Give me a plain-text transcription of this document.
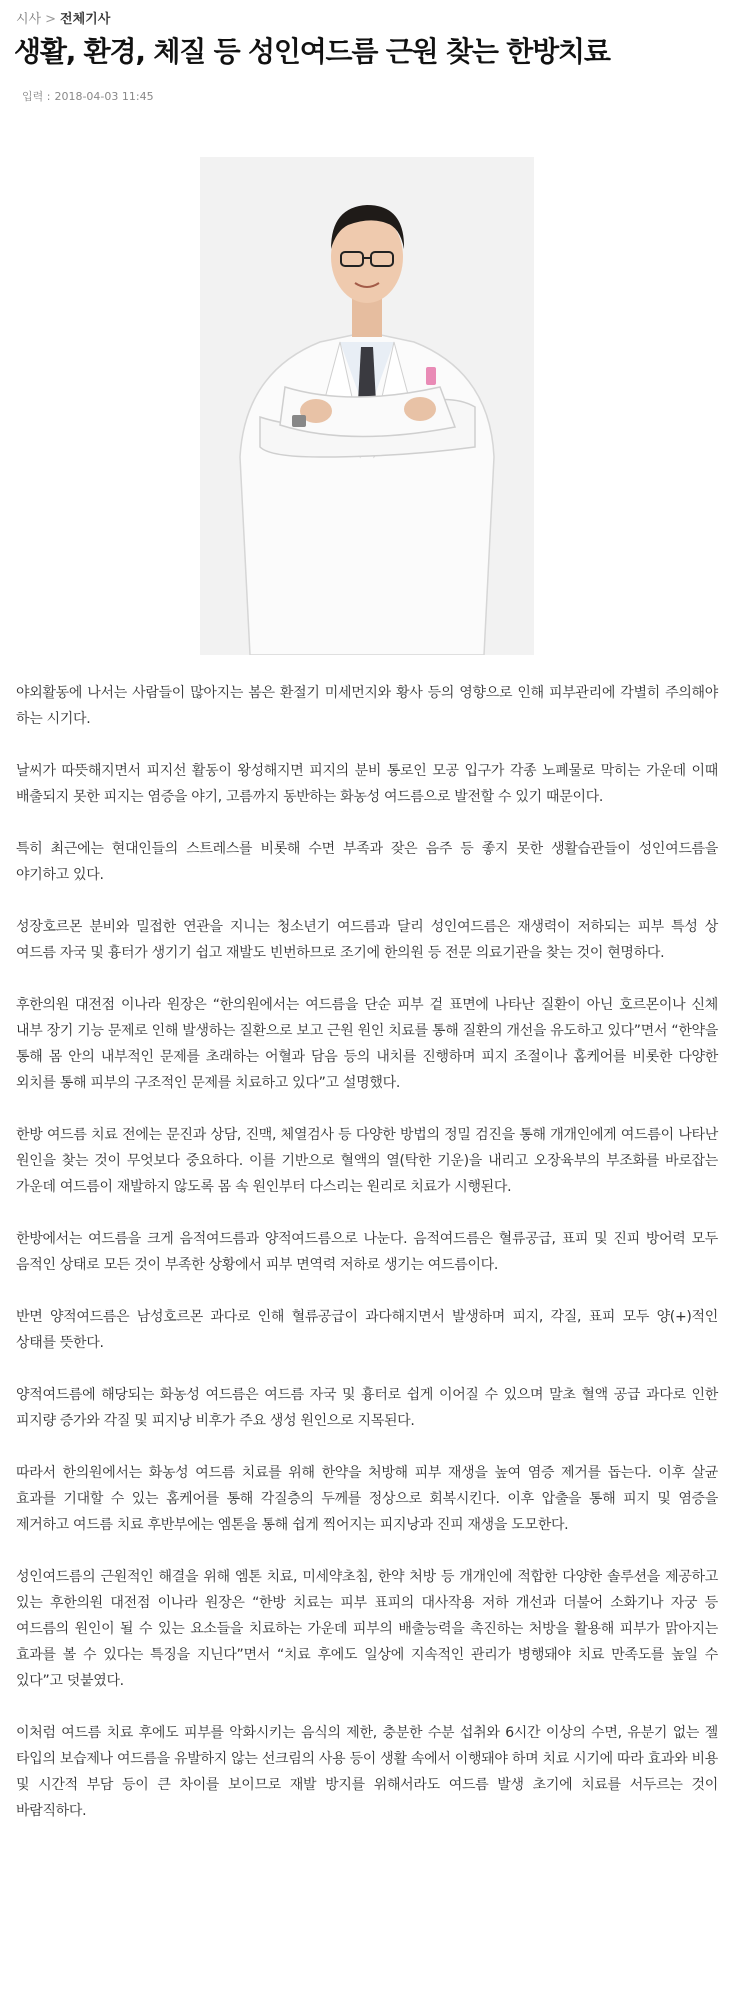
시사 > 전체기사
생활, 환경, 체질 등 성인여드름 근원 찾는 한방치료
입력 : 2018-04-03 11:45

야외활동에 나서는 사람들이 많아지는 봄은 환절기 미세먼지와 황사 등의 영향으로 인해 피부관리에 각별히 주의해야 하는 시기다.

날씨가 따뜻해지면서 피지선 활동이 왕성해지면 피지의 분비 통로인 모공 입구가 각종 노폐물로 막히는 가운데 이때 배출되지 못한 피지는 염증을 야기, 고름까지 동반하는 화농성 여드름으로 발전할 수 있기 때문이다.

특히 최근에는 현대인들의 스트레스를 비롯해 수면 부족과 잦은 음주 등 좋지 못한 생활습관들이 성인여드름을 야기하고 있다.

성장호르몬 분비와 밀접한 연관을 지니는 청소년기 여드름과 달리 성인여드름은 재생력이 저하되는 피부 특성 상 여드름 자국 및 흉터가 생기기 쉽고 재발도 빈번하므로 조기에 한의원 등 전문 의료기관을 찾는 것이 현명하다.

후한의원 대전점 이나라 원장은 “한의원에서는 여드름을 단순 피부 겉 표면에 나타난 질환이 아닌 호르몬이나 신체 내부 장기 기능 문제로 인해 발생하는 질환으로 보고 근원 원인 치료를 통해 질환의 개선을 유도하고 있다”면서 “한약을 통해 몸 안의 내부적인 문제를 초래하는 어혈과 담음 등의 내치를 진행하며 피지 조절이나 홈케어를 비롯한 다양한 외치를 통해 피부의 구조적인 문제를 치료하고 있다”고 설명했다.

한방 여드름 치료 전에는 문진과 상담, 진맥, 체열검사 등 다양한 방법의 정밀 검진을 통해 개개인에게 여드름이 나타난 원인을 찾는 것이 무엇보다 중요하다. 이를 기반으로 혈액의 열(탁한 기운)을 내리고 오장육부의 부조화를 바로잡는 가운데 여드름이 재발하지 않도록 몸 속 원인부터 다스리는 원리로 치료가 시행된다.

한방에서는 여드름을 크게 음적여드름과 양적여드름으로 나눈다. 음적여드름은 혈류공급, 표피 및 진피 방어력 모두 음적인 상태로 모든 것이 부족한 상황에서 피부 면역력 저하로 생기는 여드름이다.

반면 양적여드름은 남성호르몬 과다로 인해 혈류공급이 과다해지면서 발생하며 피지, 각질, 표피 모두 양(+)적인 상태를 뜻한다.

양적여드름에 해당되는 화농성 여드름은 여드름 자국 및 흉터로 쉽게 이어질 수 있으며 말초 혈액 공급 과다로 인한 피지량 증가와 각질 및 피지낭 비후가 주요 생성 원인으로 지목된다.

따라서 한의원에서는 화농성 여드름 치료를 위해 한약을 처방해 피부 재생을 높여 염증 제거를 돕는다. 이후 살균 효과를 기대할 수 있는 홈케어를 통해 각질층의 두께를 정상으로 회복시킨다. 이후 압출을 통해 피지 및 염증을 제거하고 여드름 치료 후반부에는 엠톤을 통해 쉽게 찍어지는 피지낭과 진피 재생을 도모한다.

성인여드름의 근원적인 해결을 위해 엠톤 치료, 미세약초침, 한약 처방 등 개개인에 적합한 다양한 솔루션을 제공하고 있는 후한의원 대전점 이나라 원장은 “한방 치료는 피부 표피의 대사작용 저하 개선과 더불어 소화기나 자궁 등 여드름의 원인이 될 수 있는 요소들을 치료하는 가운데 피부의 배출능력을 촉진하는 처방을 활용해 피부가 맑아지는 효과를 볼 수 있다는 특징을 지닌다”면서 “치료 후에도 일상에 지속적인 관리가 병행돼야 치료 만족도를 높일 수 있다”고 덧붙였다.

이처럼 여드름 치료 후에도 피부를 악화시키는 음식의 제한, 충분한 수분 섭취와 6시간 이상의 수면, 유분기 없는 젤 타입의 보습제나 여드름을 유발하지 않는 선크림의 사용 등이 생활 속에서 이행돼야 하며 치료 시기에 따라 효과와 비용 및 시간적 부담 등이 큰 차이를 보이므로 재발 방지를 위해서라도 여드름 발생 초기에 치료를 서두르는 것이 바람직하다.
